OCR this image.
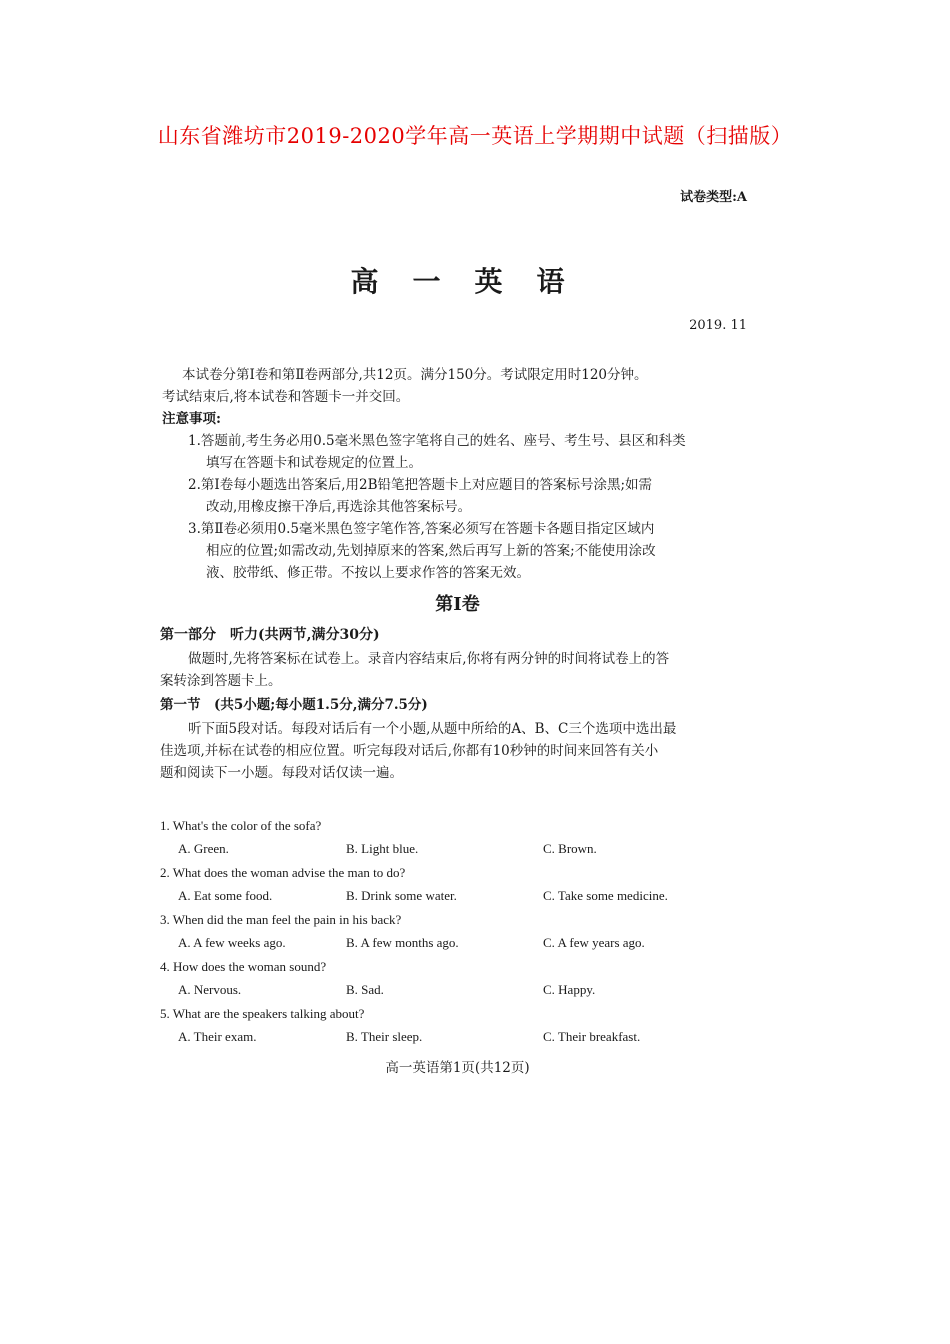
山东省潍坊市2019-2020学年高一英语上学期期中试题（扫描版）
试卷类型:A
高一英语
2019. 11
本试卷分第Ⅰ卷和第Ⅱ卷两部分,共12页。满分150分。考试限定用时120分钟。
考试结束后,将本试卷和答题卡一并交回。
注意事项:
1.答题前,考生务必用0.5毫米黑色签字笔将自己的姓名、座号、考生号、县区和科类
填写在答题卡和试卷规定的位置上。
2.第Ⅰ卷每小题选出答案后,用2B铅笔把答题卡上对应题目的答案标号涂黑;如需
改动,用橡皮擦干净后,再选涂其他答案标号。
3.第Ⅱ卷必须用0.5毫米黑色签字笔作答,答案必须写在答题卡各题目指定区域内
相应的位置;如需改动,先划掉原来的答案,然后再写上新的答案;不能使用涂改
液、胶带纸、修正带。不按以上要求作答的答案无效。
第Ⅰ卷
第一部分　听力(共两节,满分30分)
做题时,先将答案标在试卷上。录音内容结束后,你将有两分钟的时间将试卷上的答
案转涂到答题卡上。
第一节　(共5小题;每小题1.5分,满分7.5分)
听下面5段对话。每段对话后有一个小题,从题中所给的A、B、C三个选项中选出最
佳选项,并标在试卷的相应位置。听完每段对话后,你都有10秒钟的时间来回答有关小
题和阅读下一小题。每段对话仅读一遍。
1. What's the color of the sofa?
A. Green.	B. Light blue.	C. Brown.
2. What does the woman advise the man to do?
A. Eat some food.	B. Drink some water.	C. Take some medicine.
3. When did the man feel the pain in his back?
A. A few weeks ago.	B. A few months ago.	C. A few years ago.
4. How does the woman sound?
A. Nervous.	B. Sad.	C. Happy.
5. What are the speakers talking about?
A. Their exam.	B. Their sleep.	C. Their breakfast.
高一英语第1页(共12页)
